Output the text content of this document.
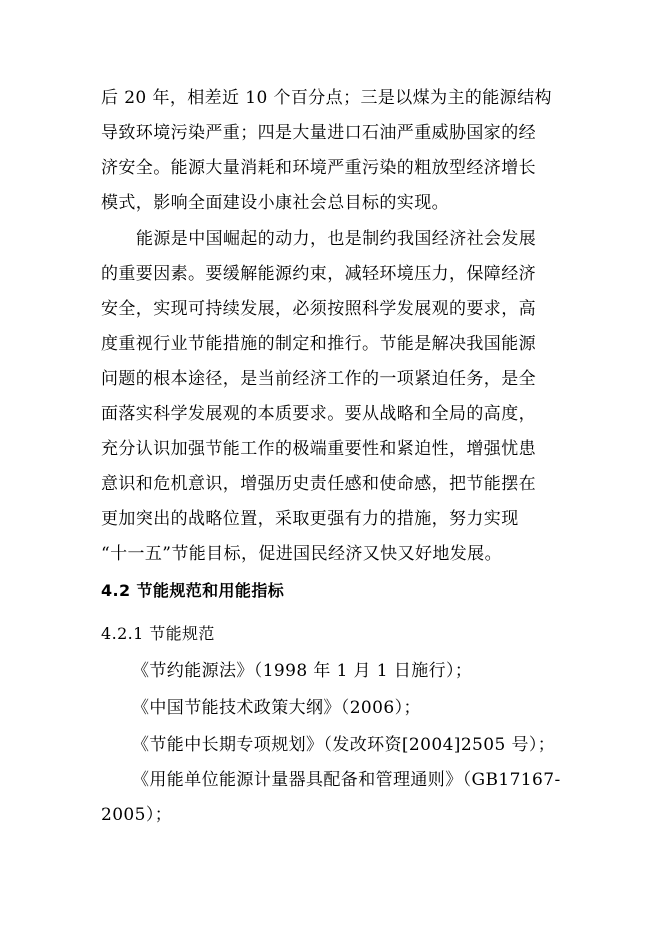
后 20 年，相差近 10 个百分点；三是以煤为主的能源结构
导致环境污染严重；四是大量进口石油严重威胁国家的经
济安全。能源大量消耗和环境严重污染的粗放型经济增长
模式，影响全面建设小康社会总目标的实现。
能源是中国崛起的动力，也是制约我国经济社会发展
的重要因素。要缓解能源约束，减轻环境压力，保障经济
安全，实现可持续发展，必须按照科学发展观的要求，高
度重视行业节能措施的制定和推行。节能是解决我国能源
问题的根本途径，是当前经济工作的一项紧迫任务，是全
面落实科学发展观的本质要求。要从战略和全局的高度，
充分认识加强节能工作的极端重要性和紧迫性，增强忧患
意识和危机意识，增强历史责任感和使命感，把节能摆在
更加突出的战略位置，采取更强有力的措施，努力实现
“十一五”节能目标，促进国民经济又快又好地发展。
4.2 节能规范和用能指标
4.2.1 节能规范
《节约能源法》（1998 年 1 月 1 日施行）；
《中国节能技术政策大纲》（2006）；
《节能中长期专项规划》（发改环资[2004]2505 号）；
《用能单位能源计量器具配备和管理通则》（GB17167-
2005）；
